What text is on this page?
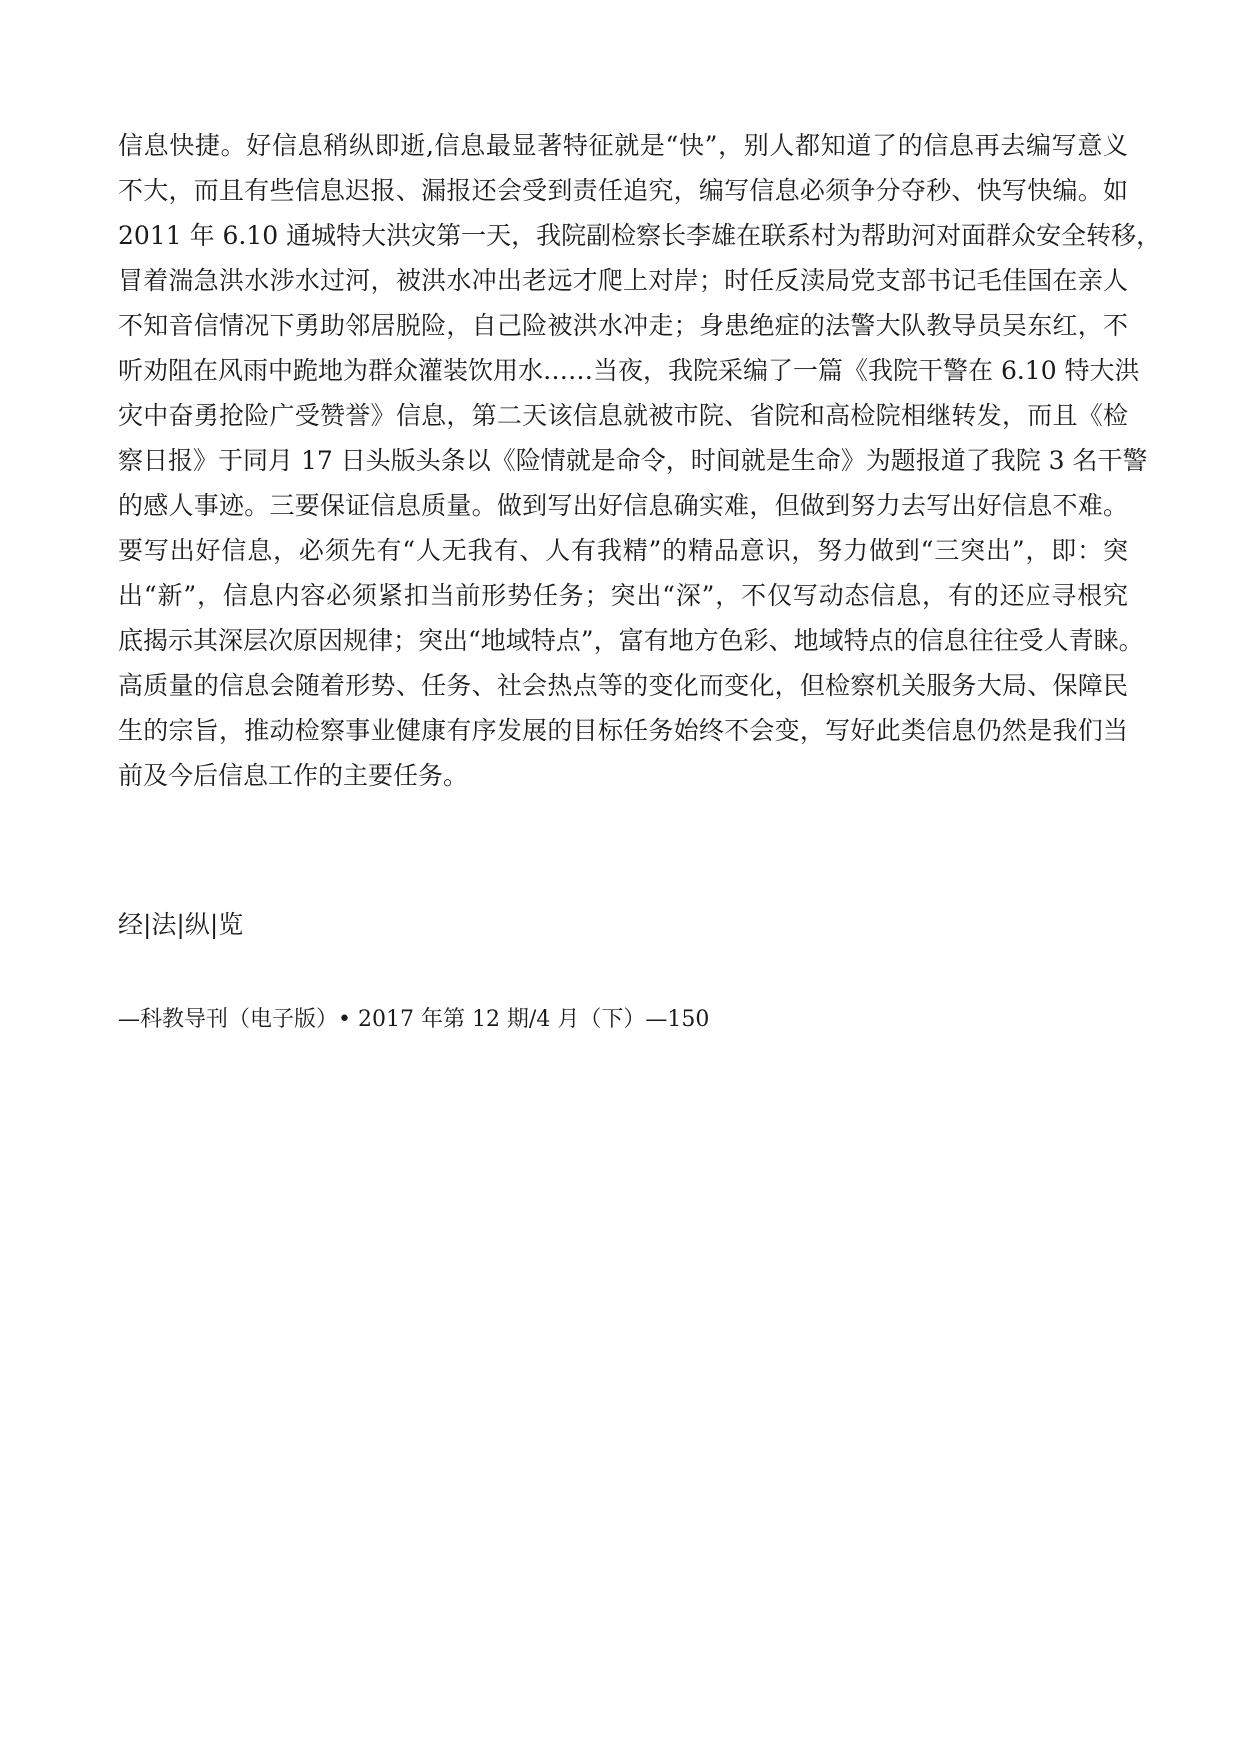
信息快捷。好信息稍纵即逝,信息最显著特征就是“快”，别人都知道了的信息再去编写意义
不大，而且有些信息迟报、漏报还会受到责任追究，编写信息必须争分夺秒、快写快编。如
2011 年 6.10 通城特大洪灾第一天，我院副检察长李雄在联系村为帮助河对面群众安全转移，
冒着湍急洪水涉水过河，被洪水冲出老远才爬上对岸；时任反渎局党支部书记毛佳国在亲人
不知音信情况下勇助邻居脱险，自己险被洪水冲走；身患绝症的法警大队教导员吴东红，不
听劝阻在风雨中跪地为群众灌装饮用水……当夜，我院采编了一篇《我院干警在 6.10 特大洪
灾中奋勇抢险广受赞誉》信息，第二天该信息就被市院、省院和高检院相继转发，而且《检
察日报》于同月 17 日头版头条以《险情就是命令，时间就是生命》为题报道了我院 3 名干警
的感人事迹。三要保证信息质量。做到写出好信息确实难，但做到努力去写出好信息不难。
要写出好信息，必须先有“人无我有、人有我精”的精品意识，努力做到“三突出”，即：突
出“新”，信息内容必须紧扣当前形势任务；突出“深”，不仅写动态信息，有的还应寻根究
底揭示其深层次原因规律；突出“地域特点”，富有地方色彩、地域特点的信息往往受人青睐。
高质量的信息会随着形势、任务、社会热点等的变化而变化，但检察机关服务大局、保障民
生的宗旨，推动检察事业健康有序发展的目标任务始终不会变，写好此类信息仍然是我们当
前及今后信息工作的主要任务。
经|法|纵|览
—科教导刊（电子版）• 2017 年第 12 期/4 月（下）—150
